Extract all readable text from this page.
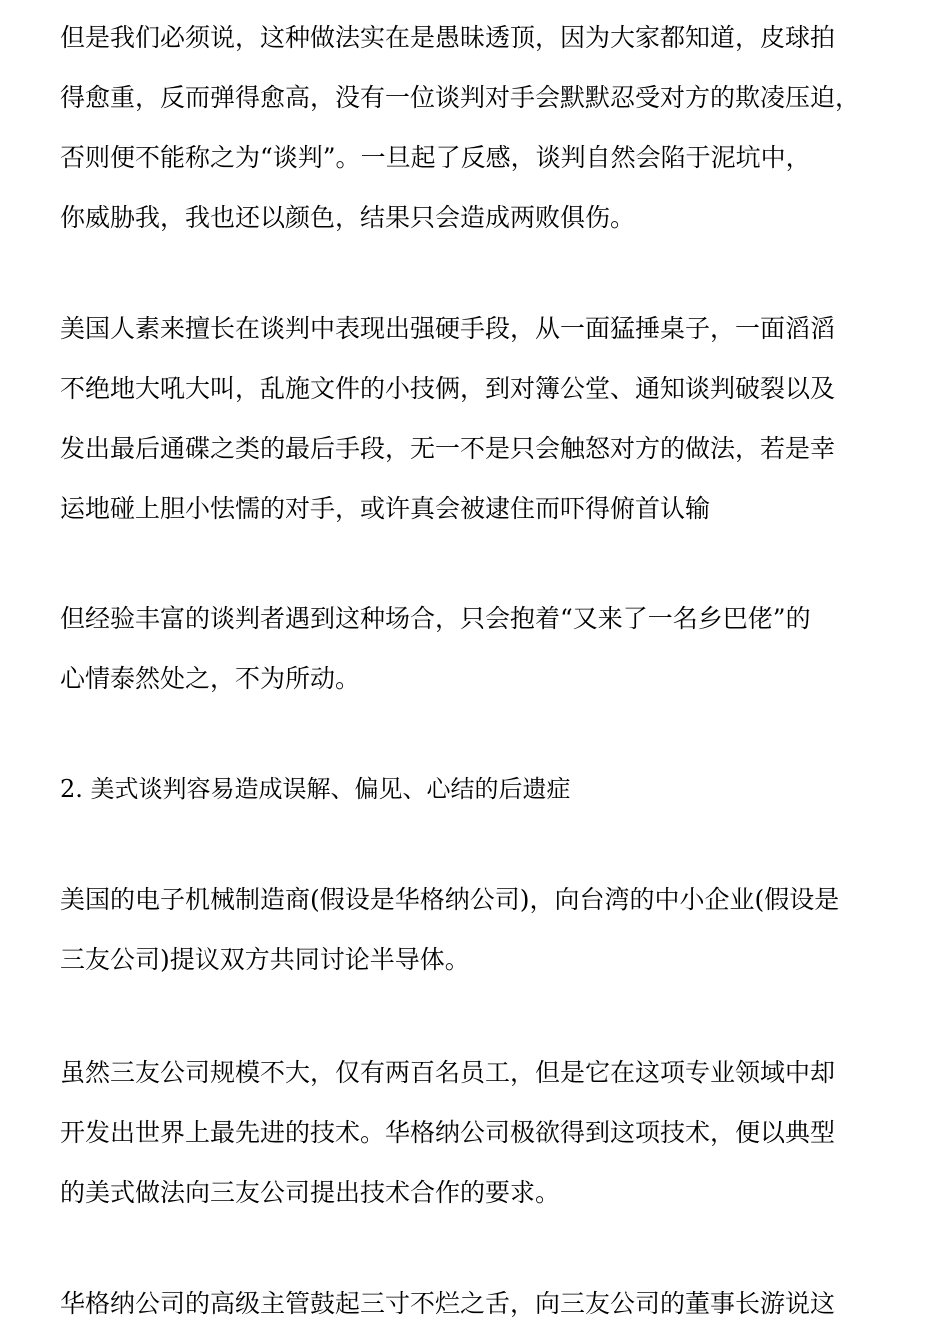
但是我们必须说，这种做法实在是愚昧透顶，因为大家都知道，皮球拍
得愈重，反而弹得愈高，没有一位谈判对手会默默忍受对方的欺凌压迫，
否则便不能称之为“谈判”。一旦起了反感，谈判自然会陷于泥坑中，
你威胁我，我也还以颜色，结果只会造成两败俱伤。
美国人素来擅长在谈判中表现出强硬手段，从一面猛捶桌子，一面滔滔
不绝地大吼大叫，乱施文件的小技俩，到对簿公堂、通知谈判破裂以及
发出最后通碟之类的最后手段，无一不是只会触怒对方的做法，若是幸
运地碰上胆小怯懦的对手，或许真会被逮住而吓得俯首认输
但经验丰富的谈判者遇到这种场合，只会抱着“又来了一名乡巴佬”的
心情泰然处之，不为所动。
2. 美式谈判容易造成误解、偏见、心结的后遗症
美国的电子机械制造商(假设是华格纳公司)，向台湾的中小企业(假设是
三友公司)提议双方共同讨论半导体。
虽然三友公司规模不大，仅有两百名员工，但是它在这项专业领域中却
开发出世界上最先进的技术。华格纳公司极欲得到这项技术，便以典型
的美式做法向三友公司提出技术合作的要求。
华格纳公司的高级主管鼓起三寸不烂之舌，向三友公司的董事长游说这
